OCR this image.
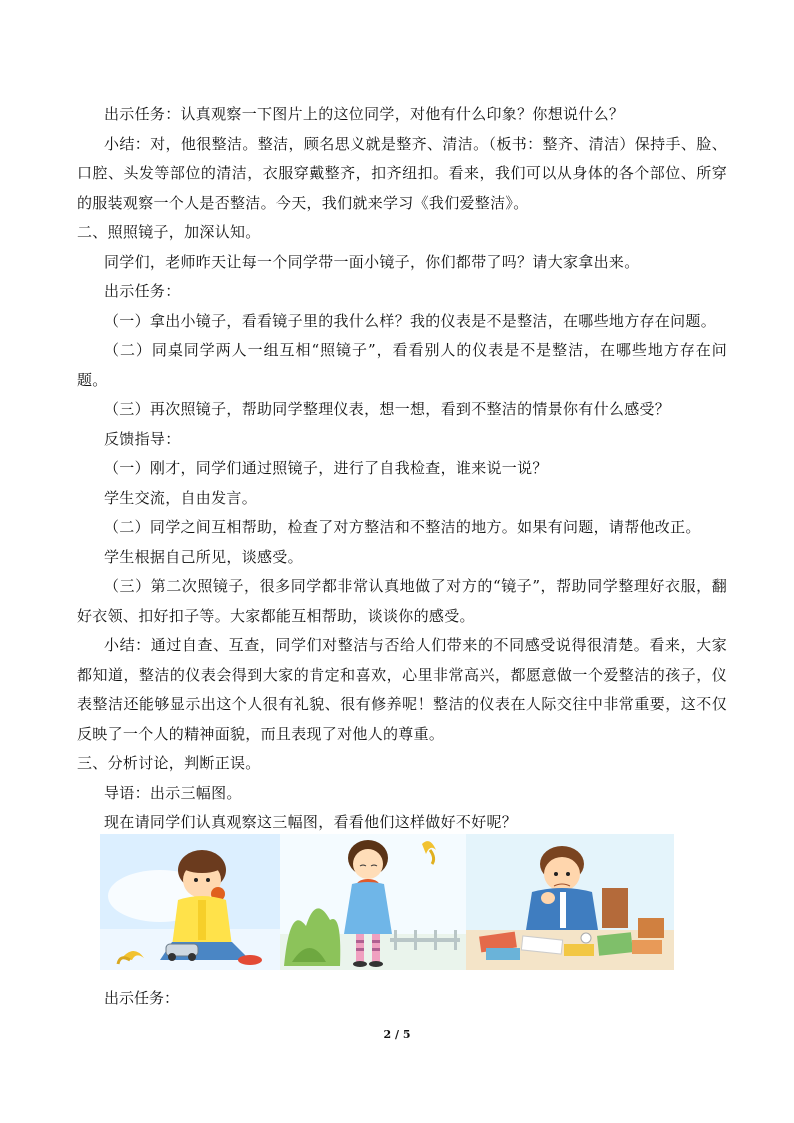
出示任务：认真观察一下图片上的这位同学，对他有什么印象？你想说什么？

小结：对，他很整洁。整洁，顾名思义就是整齐、清洁。（板书：整齐、清洁）保持手、脸、口腔、头发等部位的清洁，衣服穿戴整齐，扣齐纽扣。看来，我们可以从身体的各个部位、所穿的服装观察一个人是否整洁。今天，我们就来学习《我们爱整洁》。

二、照照镜子，加深认知。

同学们，老师昨天让每一个同学带一面小镜子，你们都带了吗？请大家拿出来。

出示任务：

（一）拿出小镜子，看看镜子里的我什么样？我的仪表是不是整洁，在哪些地方存在问题。

（二）同桌同学两人一组互相“照镜子”，看看别人的仪表是不是整洁，在哪些地方存在问题。

（三）再次照镜子，帮助同学整理仪表，想一想，看到不整洁的情景你有什么感受？

反馈指导：

（一）刚才，同学们通过照镜子，进行了自我检查，谁来说一说？

学生交流，自由发言。

（二）同学之间互相帮助，检查了对方整洁和不整洁的地方。如果有问题，请帮他改正。

学生根据自己所见，谈感受。

（三）第二次照镜子，很多同学都非常认真地做了对方的“镜子”，帮助同学整理好衣服，翻好衣领、扣好扣子等。大家都能互相帮助，谈谈你的感受。

小结：通过自查、互查，同学们对整洁与否给人们带来的不同感受说得很清楚。看来，大家都知道，整洁的仪表会得到大家的肯定和喜欢，心里非常高兴，都愿意做一个爱整洁的孩子，仪表整洁还能够显示出这个人很有礼貌、很有修养呢！整洁的仪表在人际交往中非常重要，这不仅反映了一个人的精神面貌，而且表现了对他人的尊重。

三、分析讨论，判断正误。

导语：出示三幅图。

现在请同学们认真观察这三幅图，看看他们这样做好不好呢？

出示任务：

2 / 5
